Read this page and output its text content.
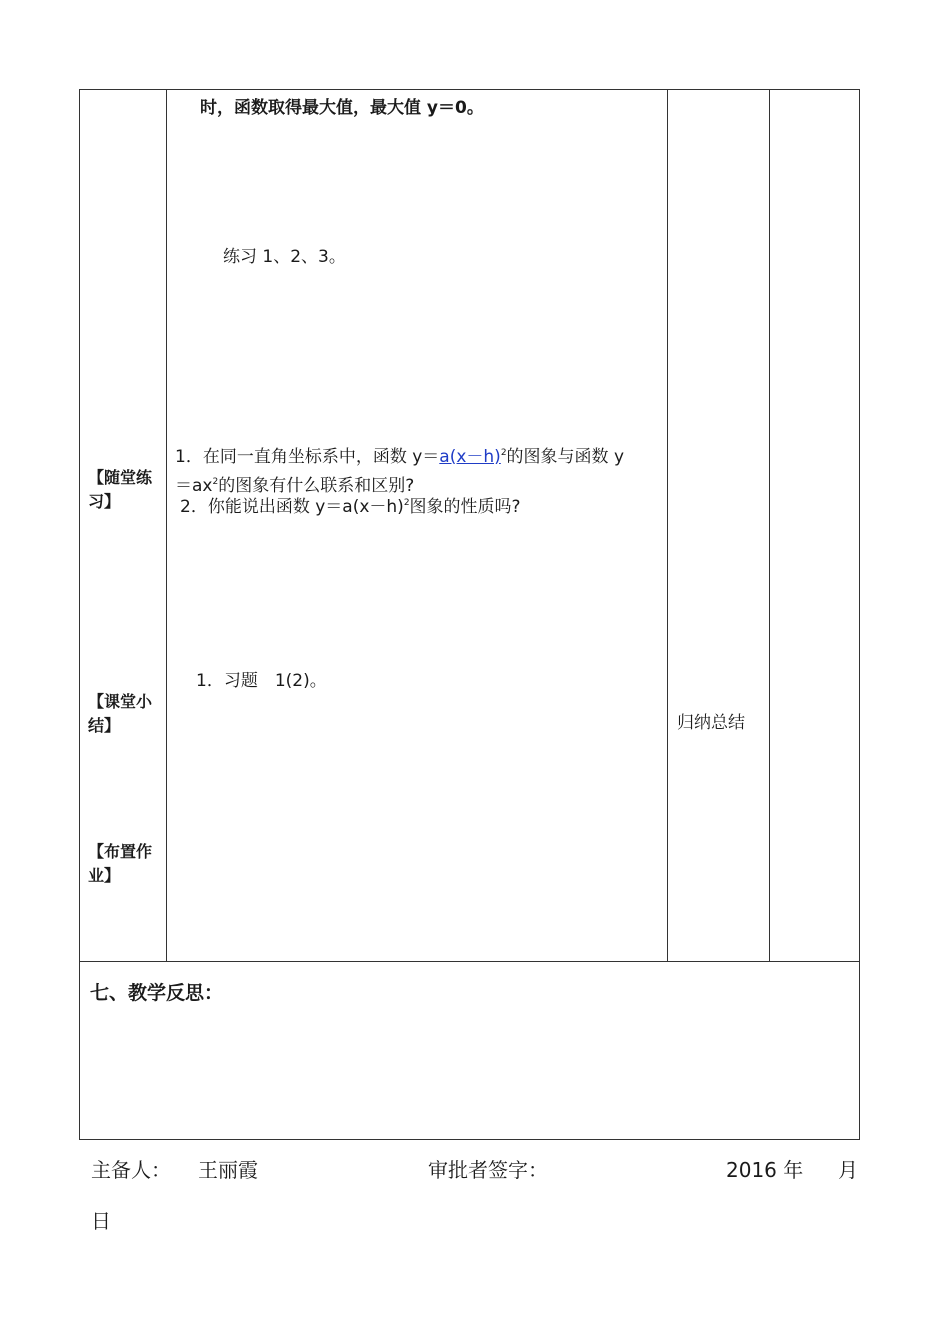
【随堂练
习】
【课堂小
结】
【布置作
业】
时，函数取得最大值，最大值 y＝0。
练习 1、2、3。
1．在同一直角坐标系中，函数 $y=a(x-h)^2$的图象与函数 y
$=ax^2$的图象有什么联系和区别?
2．你能说出函数 $y=a(x-h)^2$图象的性质吗?
1．习题　1(2)。
归纳总结
七、教学反思：
主备人： 王丽霞	审批者签字：	2016 年 月
日
